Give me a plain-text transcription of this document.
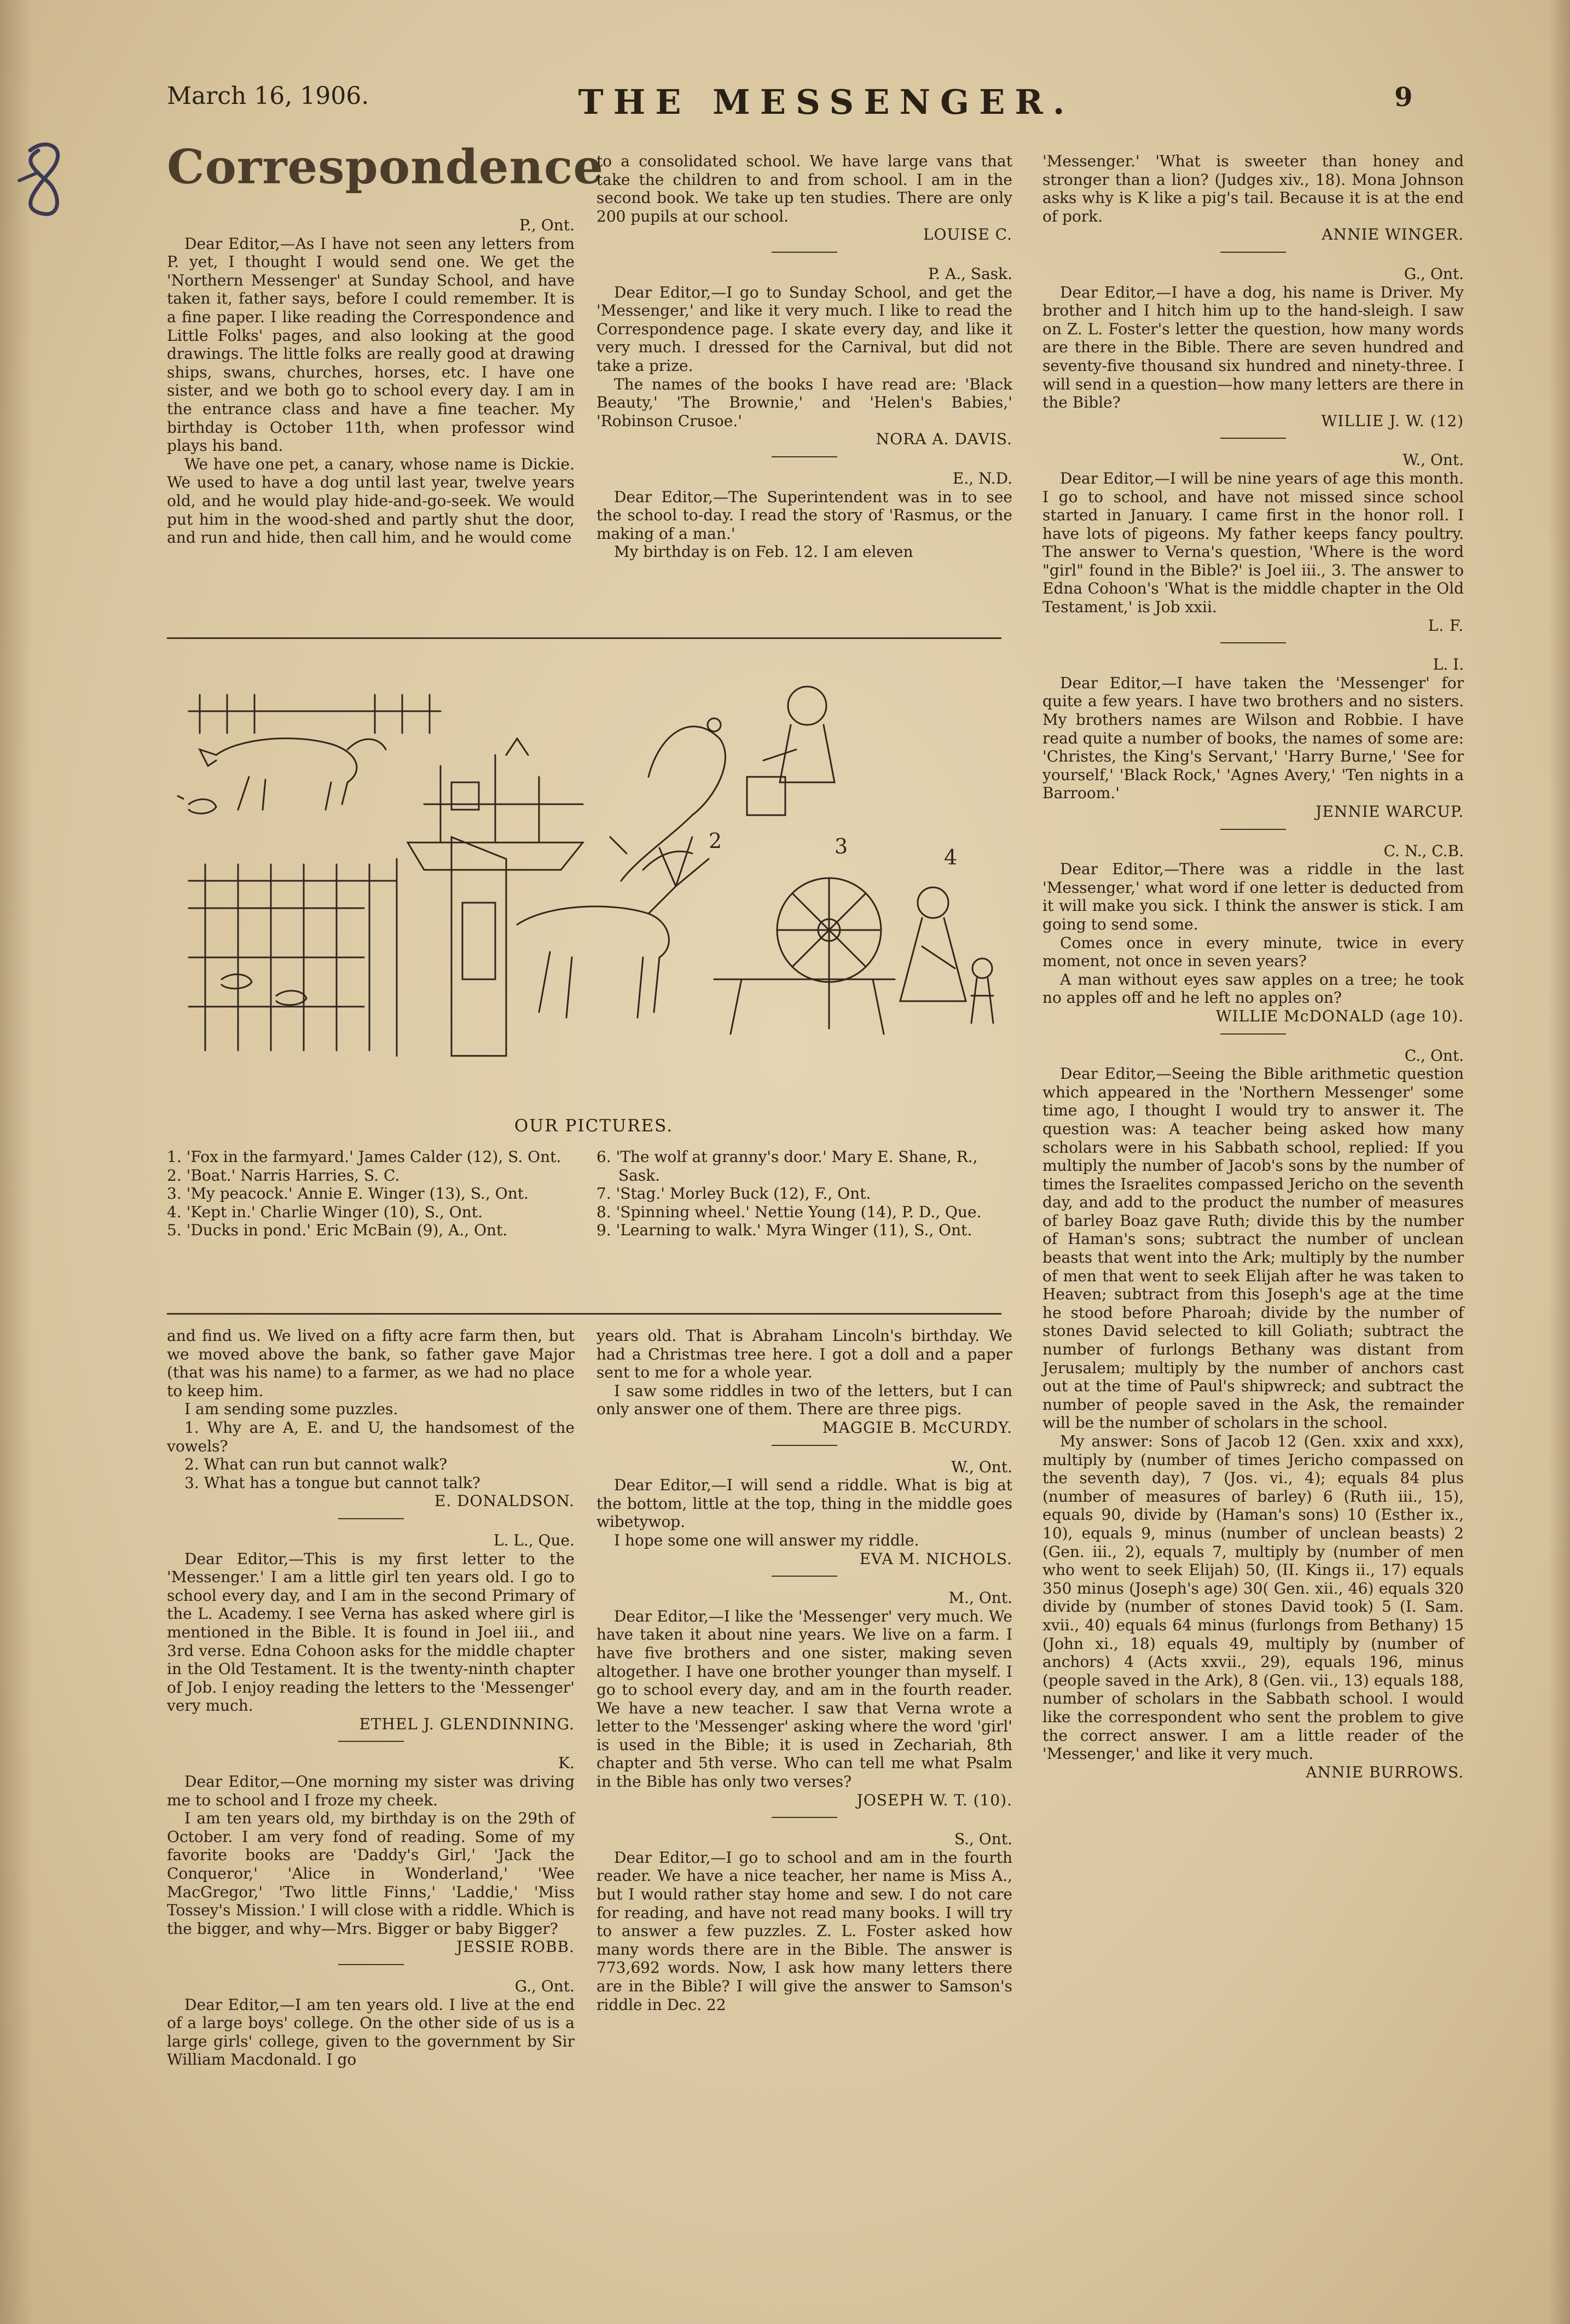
March 16, 1906.	THE MESSENGER.	9
Correspondence

P., Ont.

Dear Editor,—As I have not seen any letters from P. yet, I thought I would send one. We get the 'Northern Messenger' at Sunday School, and have taken it, father says, before I could remember. It is a fine paper. I like reading the Correspondence and Little Folks' pages, and also looking at the good drawings. The little folks are really good at drawing ships, swans, churches, horses, etc. I have one sister, and we both go to school every day. I am in the entrance class and have a fine teacher. My birthday is October 11th, when professor wind plays his band.

We have one pet, a canary, whose name is Dickie. We used to have a dog until last year, twelve years old, and he would play hide-and-go-seek. We would put him in the wood-shed and partly shut the door, and run and hide, then call him, and he would come

to a consolidated school. We have large vans that take the children to and from school. I am in the second book. We take up ten studies. There are only 200 pupils at our school.

LOUISE C.

P. A., Sask.

Dear Editor,—I go to Sunday School, and get the 'Messenger,' and like it very much. I like to read the Correspondence page. I skate every day, and like it very much. I dressed for the Carnival, but did not take a prize.

The names of the books I have read are: 'Black Beauty,' 'The Brownie,' and 'Helen's Babies,' 'Robinson Crusoe.'

NORA A. DAVIS.

E., N.D.

Dear Editor,—The Superintendent was in to see the school to-day. I read the story of 'Rasmus, or the making of a man.'

My birthday is on Feb. 12. I am eleven

'Messenger.' 'What is sweeter than honey and stronger than a lion? (Judges xiv., 18). Mona Johnson asks why is K like a pig's tail. Because it is at the end of pork.

ANNIE WINGER.

G., Ont.

Dear Editor,—I have a dog, his name is Driver. My brother and I hitch him up to the hand-sleigh. I saw on Z. L. Foster's letter the question, how many words are there in the Bible. There are seven hundred and seventy-five thousand six hundred and ninety-three. I will send in a question—how many letters are there in the Bible?

WILLIE J. W. (12)

W., Ont.

Dear Editor,—I will be nine years of age this month. I go to school, and have not missed since school started in January. I came first in the honor roll. I have lots of pigeons. My father keeps fancy poultry. The answer to Verna's question, 'Where is the word "girl" found in the Bible?' is Joel iii., 3. The answer to Edna Cohoon's 'What is the middle chapter in the Old Testament,' is Job xxii.

L. F.

L. I.

Dear Editor,—I have taken the 'Messenger' for quite a few years. I have two brothers and no sisters. My brothers names are Wilson and Robbie. I have read quite a number of books, the names of some are: 'Christes, the King's Servant,' 'Harry Burne,' 'See for yourself,' 'Black Rock,' 'Agnes Avery,' 'Ten nights in a Barroom.'

JENNIE WARCUP.

C. N., C.B.

Dear Editor,—There was a riddle in the last 'Messenger,' what word if one letter is deducted from it will make you sick. I think the answer is stick. I am going to send some.

Comes once in every minute, twice in every moment, not once in seven years?

A man without eyes saw apples on a tree; he took no apples off and he left no apples on?

WILLIE McDONALD (age 10).

C., Ont.

Dear Editor,—Seeing the Bible arithmetic question which appeared in the 'Northern Messenger' some time ago, I thought I would try to answer it. The question was: A teacher being asked how many scholars were in his Sabbath school, replied: If you multiply the number of Jacob's sons by the number of times the Israelites compassed Jericho on the seventh day, and add to the product the number of measures of barley Boaz gave Ruth; divide this by the number of Haman's sons; subtract the number of unclean beasts that went into the Ark; multiply by the number of men that went to seek Elijah after he was taken to Heaven; subtract from this Joseph's age at the time he stood before Pharoah; divide by the number of stones David selected to kill Goliath; subtract the number of furlongs Bethany was distant from Jerusalem; multiply by the number of anchors cast out at the time of Paul's shipwreck; and subtract the number of people saved in the Ask, the remainder will be the number of scholars in the school.

My answer: Sons of Jacob 12 (Gen. xxix and xxx), multiply by (number of times Jericho compassed on the seventh day), 7 (Jos. vi., 4); equals 84 plus (number of measures of barley) 6 (Ruth iii., 15), equals 90, divide by (Haman's sons) 10 (Esther ix., 10), equals 9, minus (number of unclean beasts) 2 (Gen. iii., 2), equals 7, multiply by (number of men who went to seek Elijah) 50, (II. Kings ii., 17) equals 350 minus (Joseph's age) 30( Gen. xii., 46) equals 320 divide by (number of stones David took) 5 (I. Sam. xvii., 40) equals 64 minus (furlongs from Bethany) 15 (John xi., 18) equals 49, multiply by (number of anchors) 4 (Acts xxvii., 29), equals 196, minus (people saved in the Ark), 8 (Gen. vii., 13) equals 188, number of scholars in the Sabbath school. I would like the correspondent who sent the problem to give the correct answer. I am a little reader of the 'Messenger,' and like it very much.

ANNIE BURROWS.

2	3	4
OUR PICTURES.
1. 'Fox in the farmyard.' James Calder (12), S. Ont.
2. 'Boat.' Narris Harries, S. C.
3. 'My peacock.' Annie E. Winger (13), S., Ont.
4. 'Kept in.' Charlie Winger (10), S., Ont.
5. 'Ducks in pond.' Eric McBain (9), A., Ont.
6. 'The wolf at granny's door.' Mary E. Shane, R., Sask.
7. 'Stag.' Morley Buck (12), F., Ont.
8. 'Spinning wheel.' Nettie Young (14), P. D., Que.
9. 'Learning to walk.' Myra Winger (11), S., Ont.

and find us. We lived on a fifty acre farm then, but we moved above the bank, so father gave Major (that was his name) to a farmer, as we had no place to keep him.

I am sending some puzzles.

1. Why are A, E. and U, the handsomest of the vowels?

2. What can run but cannot walk?

3. What has a tongue but cannot talk?

E. DONALDSON.

L. L., Que.

Dear Editor,—This is my first letter to the 'Messenger.' I am a little girl ten years old. I go to school every day, and I am in the second Primary of the L. Academy. I see Verna has asked where girl is mentioned in the Bible. It is found in Joel iii., and 3rd verse. Edna Cohoon asks for the middle chapter in the Old Testament. It is the twenty-ninth chapter of Job. I enjoy reading the letters to the 'Messenger' very much.

ETHEL J. GLENDINNING.

K.

Dear Editor,—One morning my sister was driving me to school and I froze my cheek.

I am ten years old, my birthday is on the 29th of October. I am very fond of reading. Some of my favorite books are 'Daddy's Girl,' 'Jack the Conqueror,' 'Alice in Wonderland,' 'Wee MacGregor,' 'Two little Finns,' 'Laddie,' 'Miss Tossey's Mission.' I will close with a riddle. Which is the bigger, and why—Mrs. Bigger or baby Bigger?

JESSIE ROBB.

G., Ont.

Dear Editor,—I am ten years old. I live at the end of a large boys' college. On the other side of us is a large girls' college, given to the government by Sir William Macdonald. I go

years old. That is Abraham Lincoln's birthday. We had a Christmas tree here. I got a doll and a paper sent to me for a whole year.

I saw some riddles in two of the letters, but I can only answer one of them. There are three pigs.

MAGGIE B. McCURDY.

W., Ont.

Dear Editor,—I will send a riddle. What is big at the bottom, little at the top, thing in the middle goes wibetywop.

I hope some one will answer my riddle.

EVA M. NICHOLS.

M., Ont.

Dear Editor,—I like the 'Messenger' very much. We have taken it about nine years. We live on a farm. I have five brothers and one sister, making seven altogether. I have one brother younger than myself. I go to school every day, and am in the fourth reader. We have a new teacher. I saw that Verna wrote a letter to the 'Messenger' asking where the word 'girl' is used in the Bible; it is used in Zechariah, 8th chapter and 5th verse. Who can tell me what Psalm in the Bible has only two verses?

JOSEPH W. T. (10).

S., Ont.

Dear Editor,—I go to school and am in the fourth reader. We have a nice teacher, her name is Miss A., but I would rather stay home and sew. I do not care for reading, and have not read many books. I will try to answer a few puzzles. Z. L. Foster asked how many words there are in the Bible. The answer is 773,692 words. Now, I ask how many letters there are in the Bible? I will give the answer to Samson's riddle in Dec. 22
